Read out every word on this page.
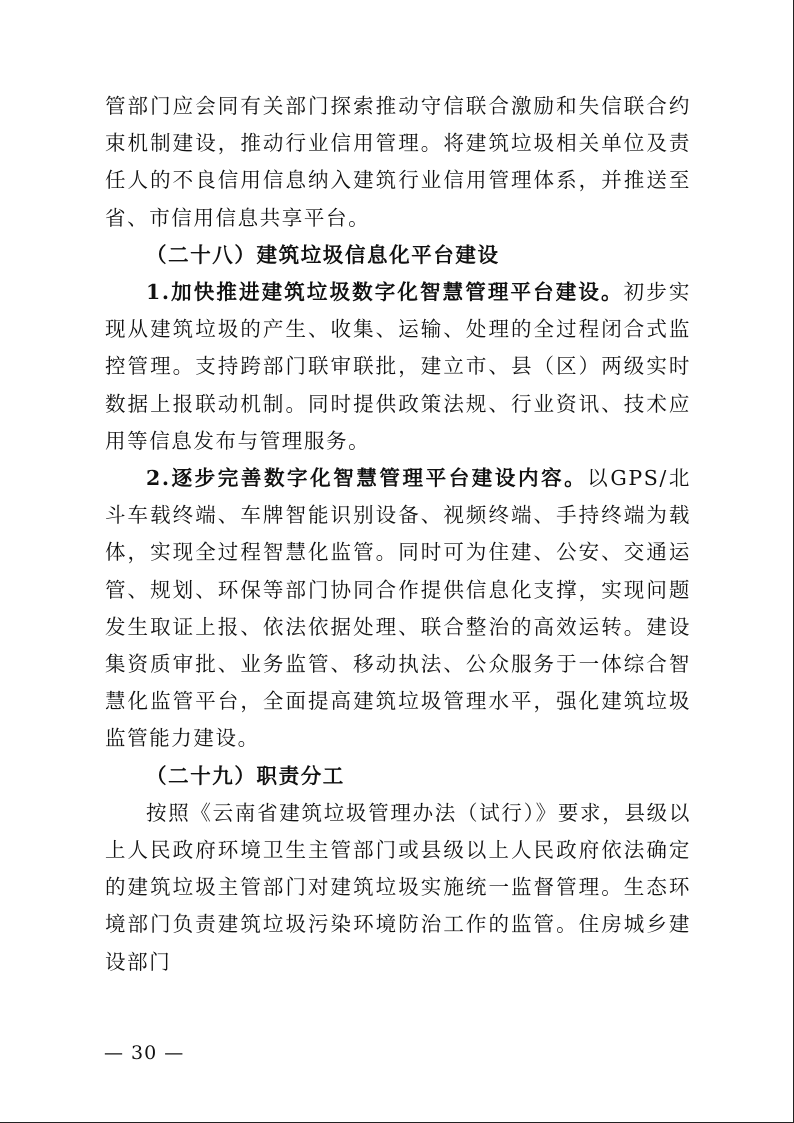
管部门应会同有关部门探索推动守信联合激励和失信联合约束机制建设，推动行业信用管理。将建筑垃圾相关单位及责任人的不良信用信息纳入建筑行业信用管理体系，并推送至省、市信用信息共享平台。

（二十八）建筑垃圾信息化平台建设

1.加快推进建筑垃圾数字化智慧管理平台建设。初步实现从建筑垃圾的产生、收集、运输、处理的全过程闭合式监控管理。支持跨部门联审联批，建立市、县（区）两级实时数据上报联动机制。同时提供政策法规、行业资讯、技术应用等信息发布与管理服务。

2.逐步完善数字化智慧管理平台建设内容。以GPS/北斗车载终端、车牌智能识别设备、视频终端、手持终端为载体，实现全过程智慧化监管。同时可为住建、公安、交通运管、规划、环保等部门协同合作提供信息化支撑，实现问题发生取证上报、依法依据处理、联合整治的高效运转。建设集资质审批、业务监管、移动执法、公众服务于一体综合智慧化监管平台，全面提高建筑垃圾管理水平，强化建筑垃圾监管能力建设。

（二十九）职责分工

按照《云南省建筑垃圾管理办法（试行）》要求，县级以上人民政府环境卫生主管部门或县级以上人民政府依法确定的建筑垃圾主管部门对建筑垃圾实施统一监督管理。生态环境部门负责建筑垃圾污染环境防治工作的监管。住房城乡建设部门

— 30 —
